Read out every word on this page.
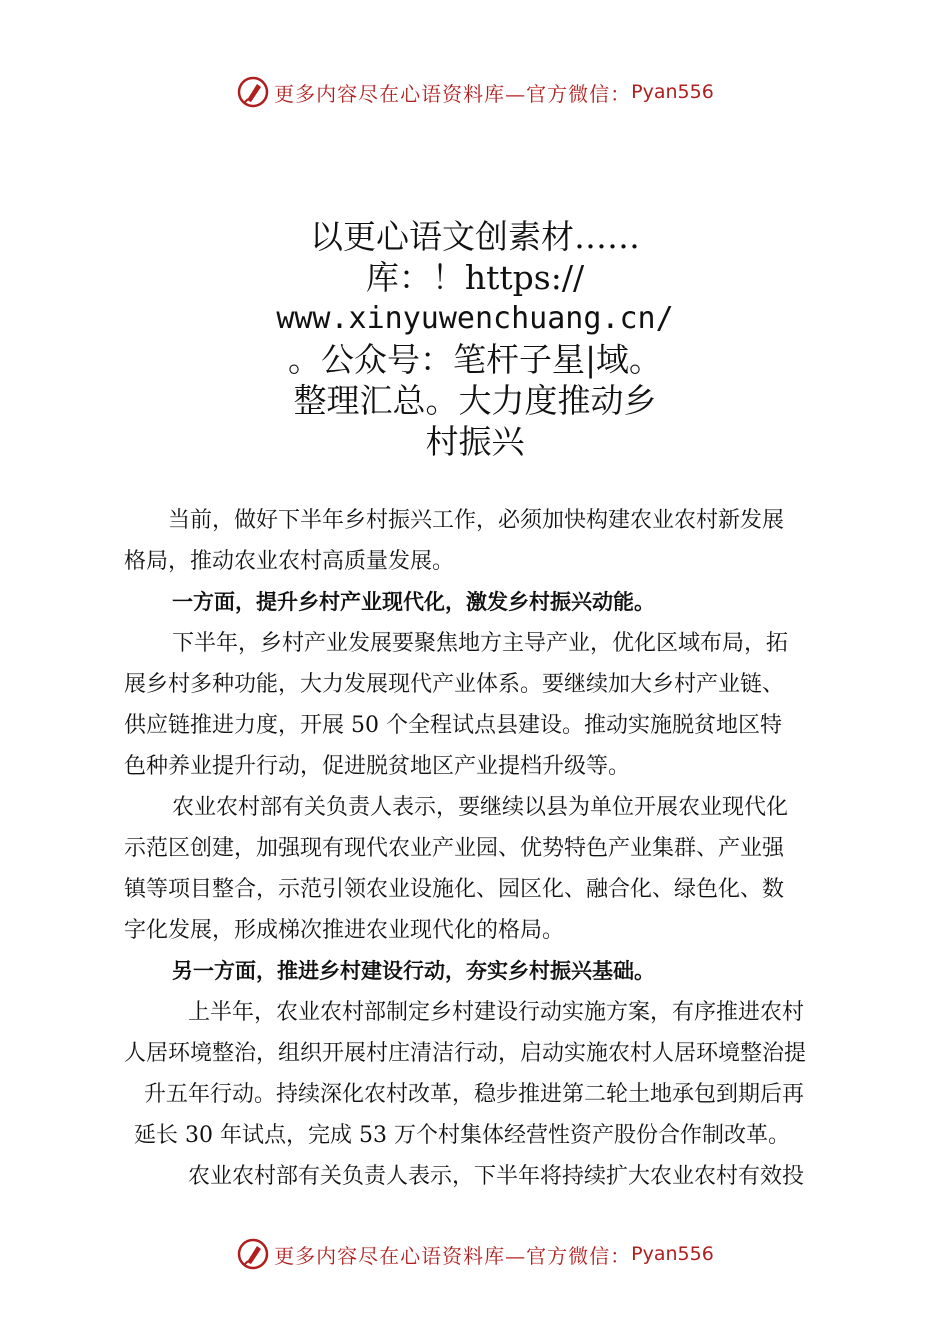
更多内容尽在心语资料库—官方微信： Pyan556
以更心语文创素材……
库：！https://
www.xinyuwenchuang.cn/
。公众号：笔杆子星|域。
整理汇总。大力度推动乡
村振兴

当前，做好下半年乡村振兴工作，必须加快构建农业农村新发展

格局，推动农业农村高质量发展。

一方面，提升乡村产业现代化，激发乡村振兴动能。

下半年，乡村产业发展要聚焦地方主导产业，优化区域布局，拓

展乡村多种功能，大力发展现代产业体系。要继续加大乡村产业链、

供应链推进力度，开展 50 个全程试点县建设。推动实施脱贫地区特

色种养业提升行动，促进脱贫地区产业提档升级等。

农业农村部有关负责人表示，要继续以县为单位开展农业现代化

示范区创建，加强现有现代农业产业园、优势特色产业集群、产业强

镇等项目整合，示范引领农业设施化、园区化、融合化、绿色化、数

字化发展，形成梯次推进农业现代化的格局。

另一方面，推进乡村建设行动，夯实乡村振兴基础。

上半年，农业农村部制定乡村建设行动实施方案，有序推进农村

人居环境整治，组织开展村庄清洁行动，启动实施农村人居环境整治提

升五年行动。持续深化农村改革，稳步推进第二轮土地承包到期后再

延长 30 年试点，完成 53 万个村集体经营性资产股份合作制改革。

农业农村部有关负责人表示，下半年将持续扩大农业农村有效投

更多内容尽在心语资料库—官方微信： Pyan556
